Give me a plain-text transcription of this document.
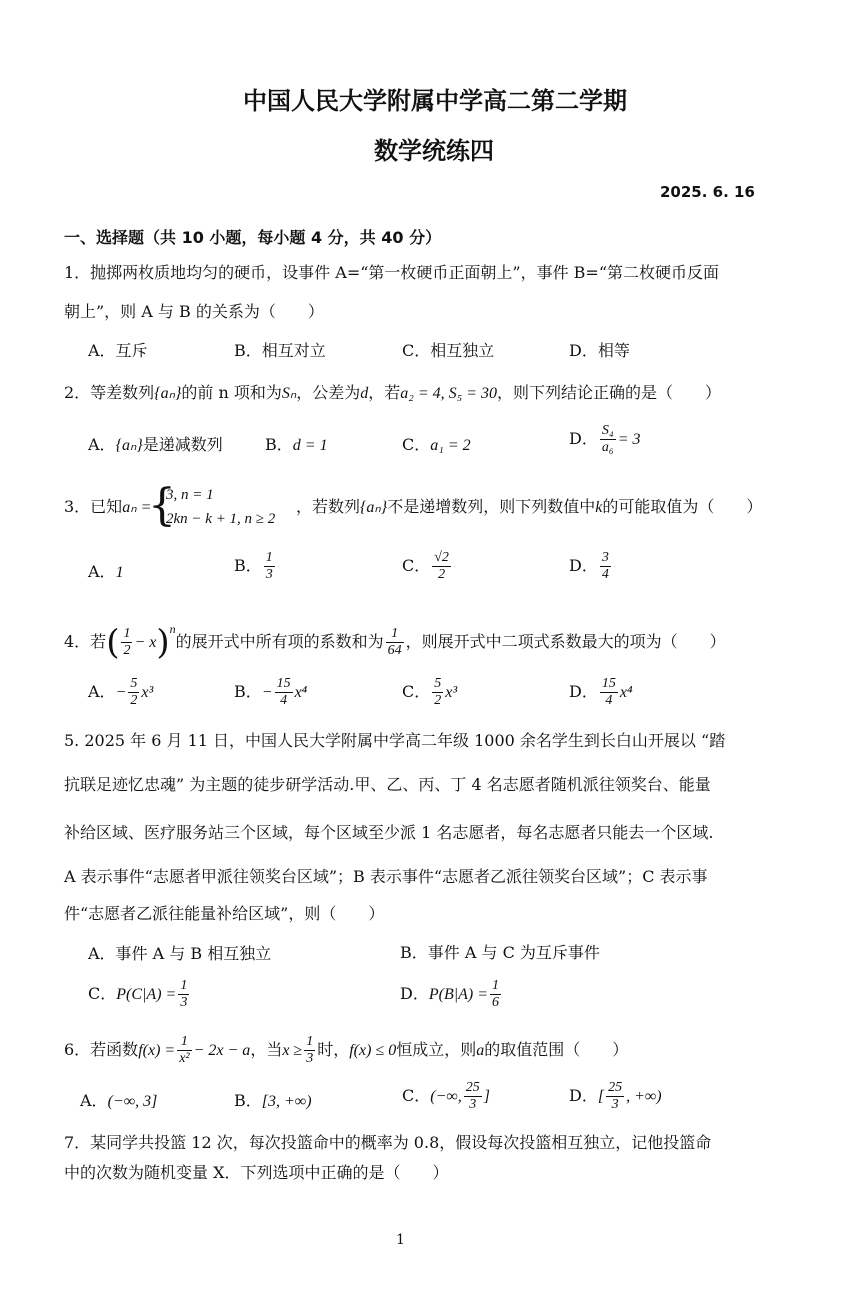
中国人民大学附属中学高二第二学期
数学统练四
2025. 6. 16
一、选择题（共 10 小题，每小题 4 分，共 40 分）
1．抛掷两枚质地均匀的硬币，设事件 A=“第一枚硬币正面朝上”，事件 B=“第二枚硬币反面
朝上”，则 A 与 B 的关系为（　　）
A．互斥	B．相互对立	C．相互独立	D．相等
2．等差数列{aₙ}的前 n 项和为Sₙ，公差为d，若a₂ = 4, S₅ = 30，则下列结论正确的是（　　）
A．{aₙ}是递减数列	B．d = 1	C．a₁ = 2	D． $\frac{\text{S₄}}{\text{a₆}} = 3$
3．已知aₙ =
{
3, n = 1
2kn − k + 1, n ≥ 2
，若数列{aₙ}不是递增数列，则下列数值中k的可能取值为（　　）
A．1	B． $\frac{1}{3}$	C． $\frac{√2}{2}$	D． $\frac{3}{4}$
4．若( $\frac{1}{2} - x)^n$的展开式中所有项的系数和为 $\frac{1}{64}$ ，则展开式中二项式系数最大的项为（　　）
A．− $\frac{5}{2} x^3$	B．− $\frac{15}{4} x^4$	C． $\frac{5}{2} x^3$	D． $\frac{15}{4} x^4$
5. 2025 年 6 月 11 日，中国人民大学附属中学高二年级 1000 余名学生到长白山开展以 “踏
抗联足迹忆忠魂” 为主题的徒步研学活动.甲、乙、丙、丁 4 名志愿者随机派往领奖台、能量
补给区域、医疗服务站三个区域，每个区域至少派 1 名志愿者，每名志愿者只能去一个区域.
A 表示事件“志愿者甲派往领奖台区域”；B 表示事件“志愿者乙派往领奖台区域”；C 表示事
件“志愿者乙派往能量补给区域”，则（　　）
A．事件 A 与 B 相互独立	B．事件 A 与 C 为互斥事件
C．$P(C|A) = \frac{1}{3}$	D．$P(B|A) = \frac{1}{6}$
6．若函数$f(x) = \frac{1}{\text{x²}} - 2x - a$，当$x \ge \frac{1}{3}$ 时，f(x) ≤ 0恒成立，则a的取值范围（　　）
A．(−∞, 3]	B．[3, +∞)	C．(−∞, $\frac{25}{3}$ ]	D．[ $\frac{25}{3}$ , +∞)
7．某同学共投篮 12 次，每次投篮命中的概率为 0.8，假设每次投篮相互独立，记他投篮命
中的次数为随机变量 X．下列选项中正确的是（　　）
1
